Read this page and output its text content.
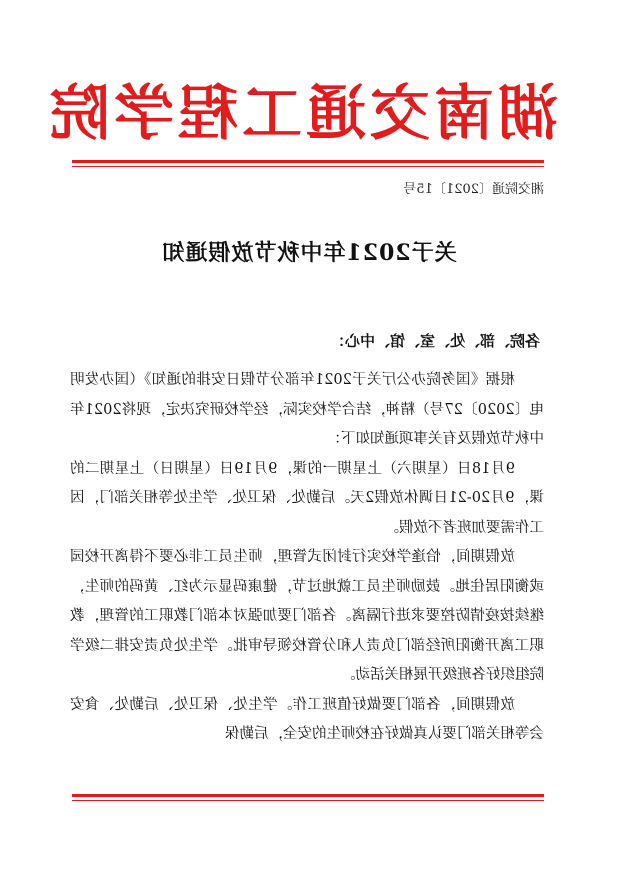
湖南交通工程学院
湘交院通〔2021〕15号
关于2021年中秋节放假通知
各院、部、处、室、馆、中心：

根据《国务院办公厅关于2021年部分节假日安排的通知》（国办发明电〔2020〕27号）精神，结合学校实际，经学校研究决定，现将2021年中秋节放假及有关事项通知如下：

9月18日（星期六）上星期一的课，9月19日（星期日）上星期二的课，9月20-21日调休放假2天。后勤处、保卫处、学生处等相关部门，因工作需要加班者不放假。

放假期间，恰逢学校实行封闭式管理，师生员工非必要不得离开校园或衡阳居住地。鼓励师生员工就地过节，健康码显示为红、黄码的师生，继续按疫情防控要求进行隔离。各部门要加强对本部门教职工的管理，教职工离开衡阳所经部门负责人和分管校领导审批。学生处负责安排二级学院组织好各班级开展相关活动。

放假期间，各部门要做好值班工作。学生处、保卫处、后勤处、食安会等相关部门要认真做好在校师生的安全，后勤保
